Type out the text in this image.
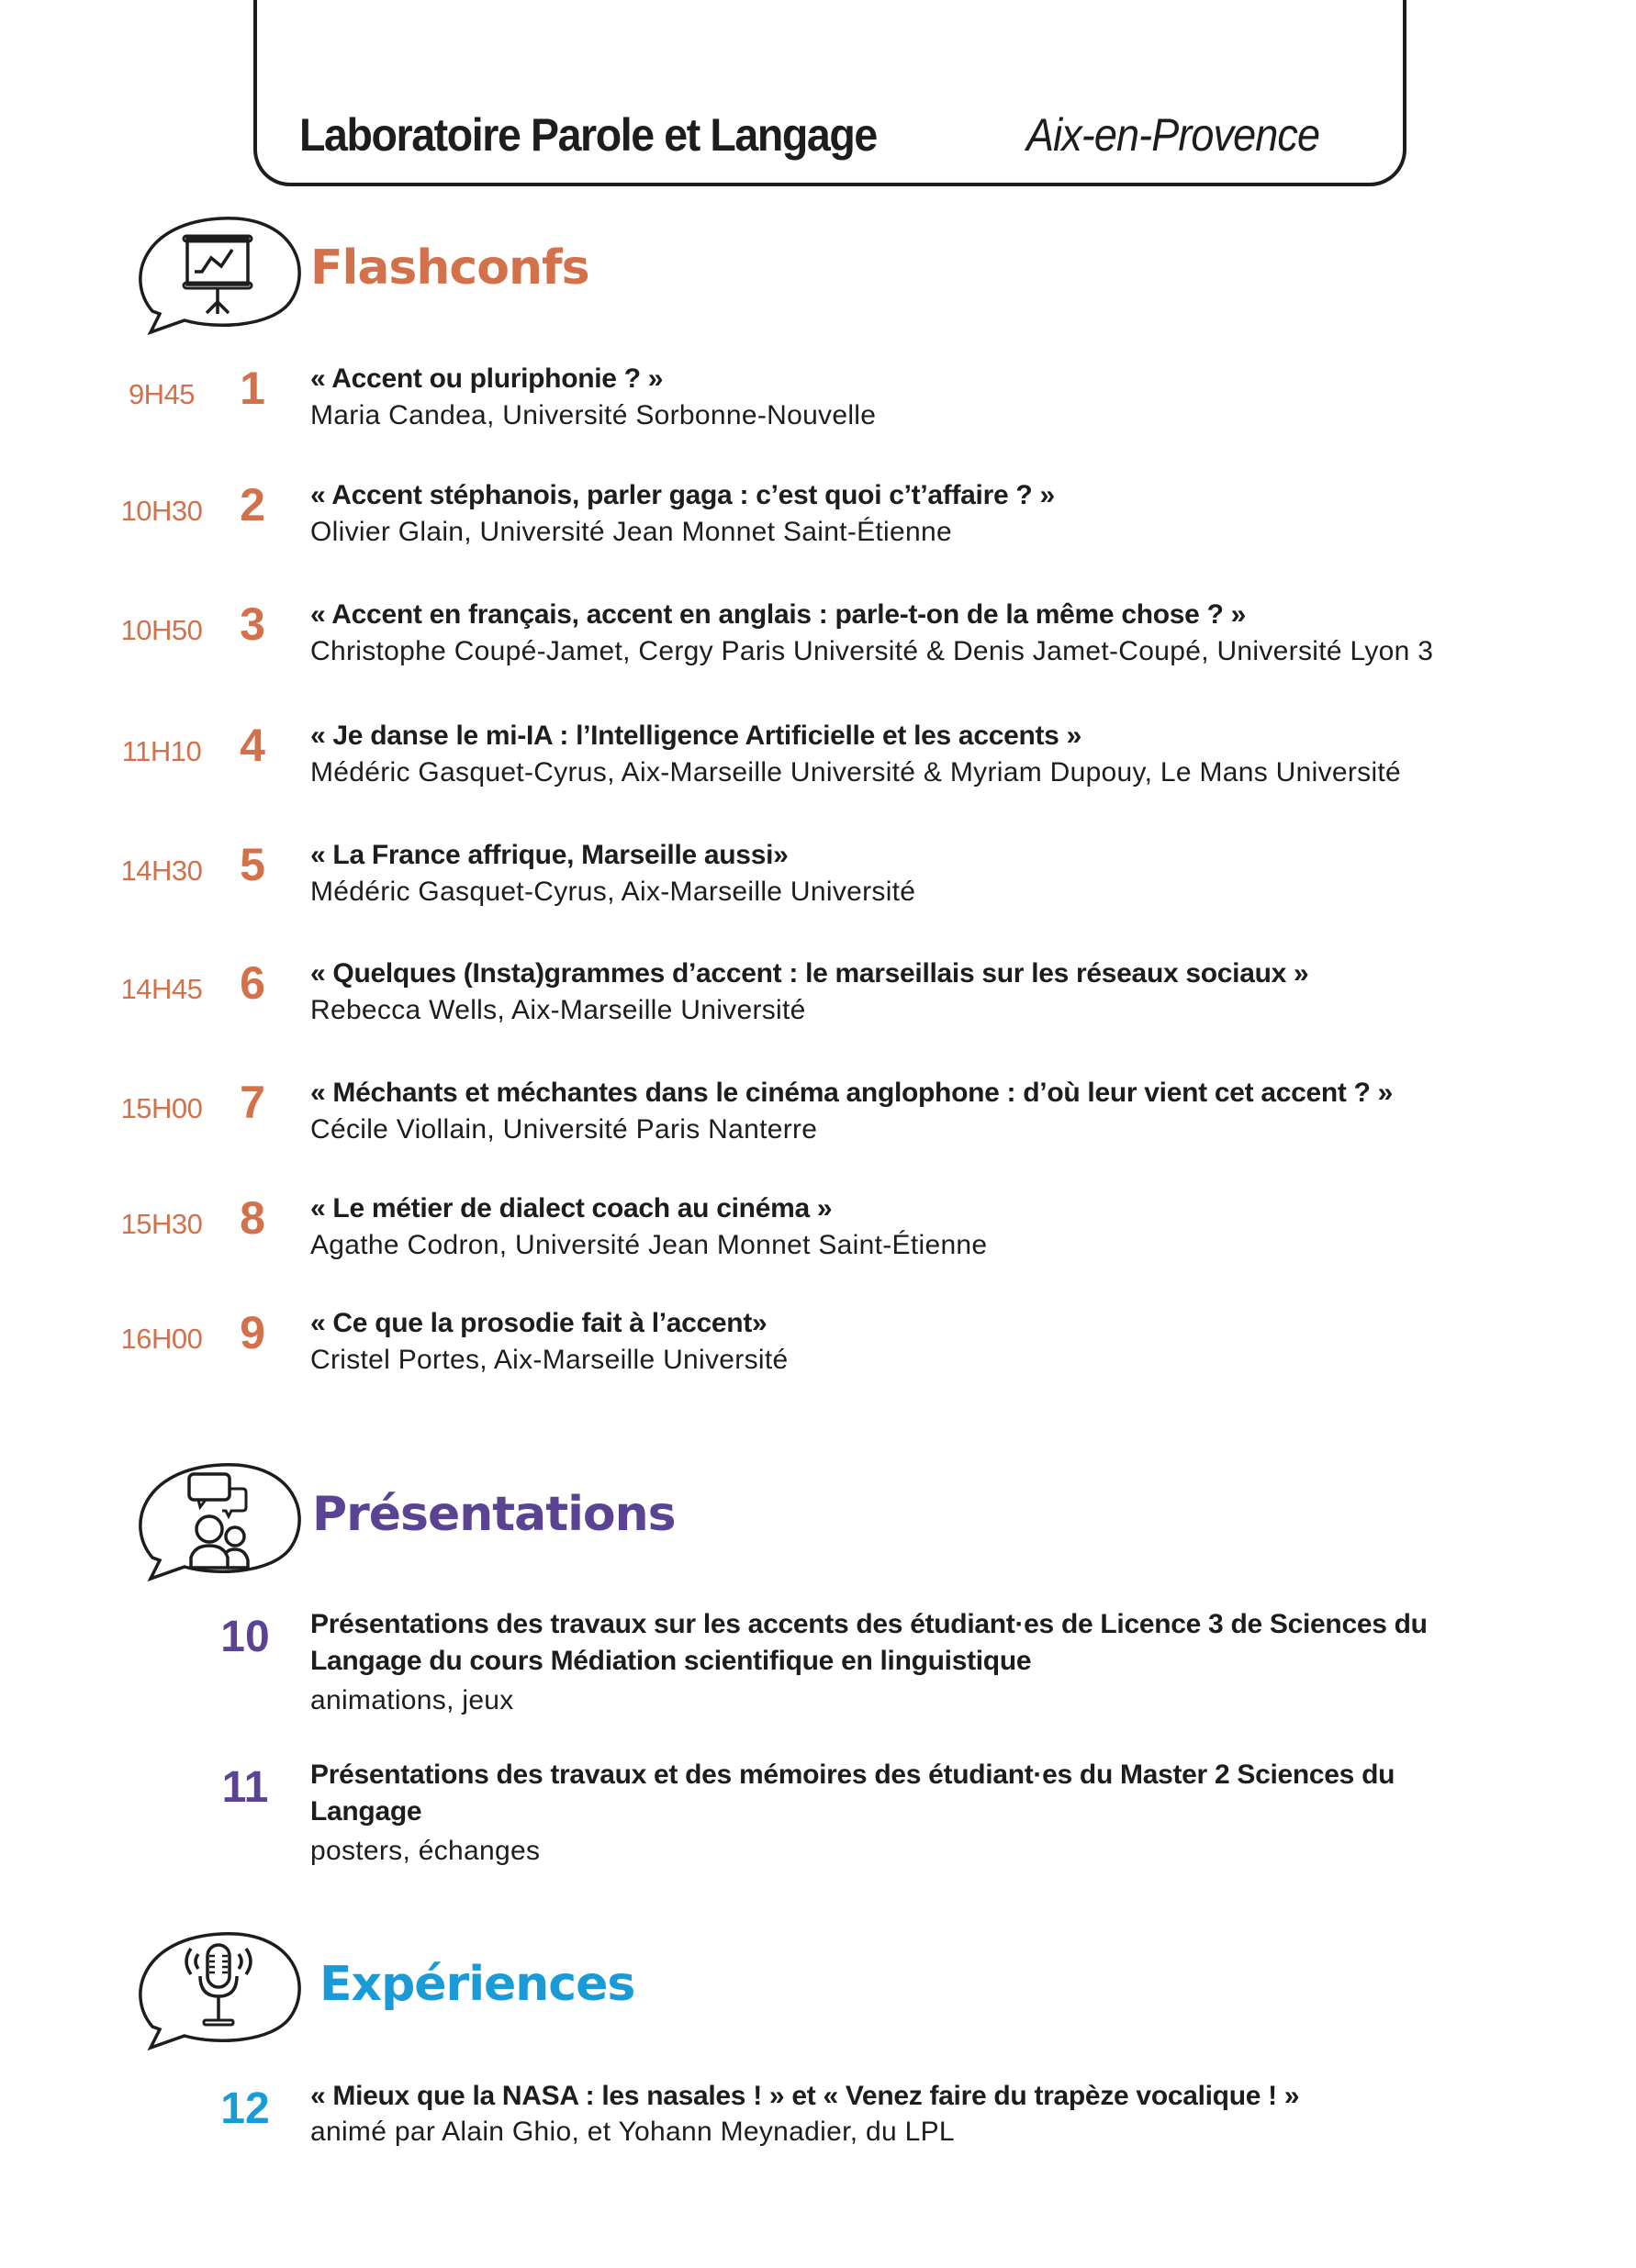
Laboratoire Parole et Langage	Aix-en-Provence
Flashconfs
9H45 1	« Accent ou pluriphonie ? »
Maria Candea, Université Sorbonne-Nouvelle
10H30 2	« Accent stéphanois, parler gaga : c’est quoi c’t’affaire ? »
Olivier Glain, Université Jean Monnet Saint-Étienne
10H50 3	« Accent en français, accent en anglais : parle-t-on de la même chose ? »
Christophe Coupé-Jamet, Cergy Paris Université & Denis Jamet-Coupé, Université Lyon 3
11H10 4	« Je danse le mi-IA : l’Intelligence Artificielle et les accents »
Médéric Gasquet-Cyrus, Aix-Marseille Université & Myriam Dupouy, Le Mans Université
14H30 5	« La France affrique, Marseille aussi»
Médéric Gasquet-Cyrus, Aix-Marseille Université
14H45 6	« Quelques (Insta)grammes d’accent : le marseillais sur les réseaux sociaux »
Rebecca Wells, Aix-Marseille Université
15H00 7	« Méchants et méchantes dans le cinéma anglophone : d’où leur vient cet accent ? »
Cécile Viollain, Université Paris Nanterre
15H30 8	« Le métier de dialect coach au cinéma »
Agathe Codron, Université Jean Monnet Saint-Étienne
16H00 9	« Ce que la prosodie fait à l’accent»
Cristel Portes, Aix-Marseille Université
Présentations
10 Présentations des travaux sur les accents des étudiant·es de Licence 3 de Sciences du Langage du cours Médiation scientifique en linguistique
animations, jeux
11	Présentations des travaux et des mémoires des étudiant·es du Master 2 Sciences du Langage
posters, échanges
Expériences
12 « Mieux que la NASA : les nasales ! » et « Venez faire du trapèze vocalique ! »
animé par Alain Ghio, et Yohann Meynadier, du LPL
